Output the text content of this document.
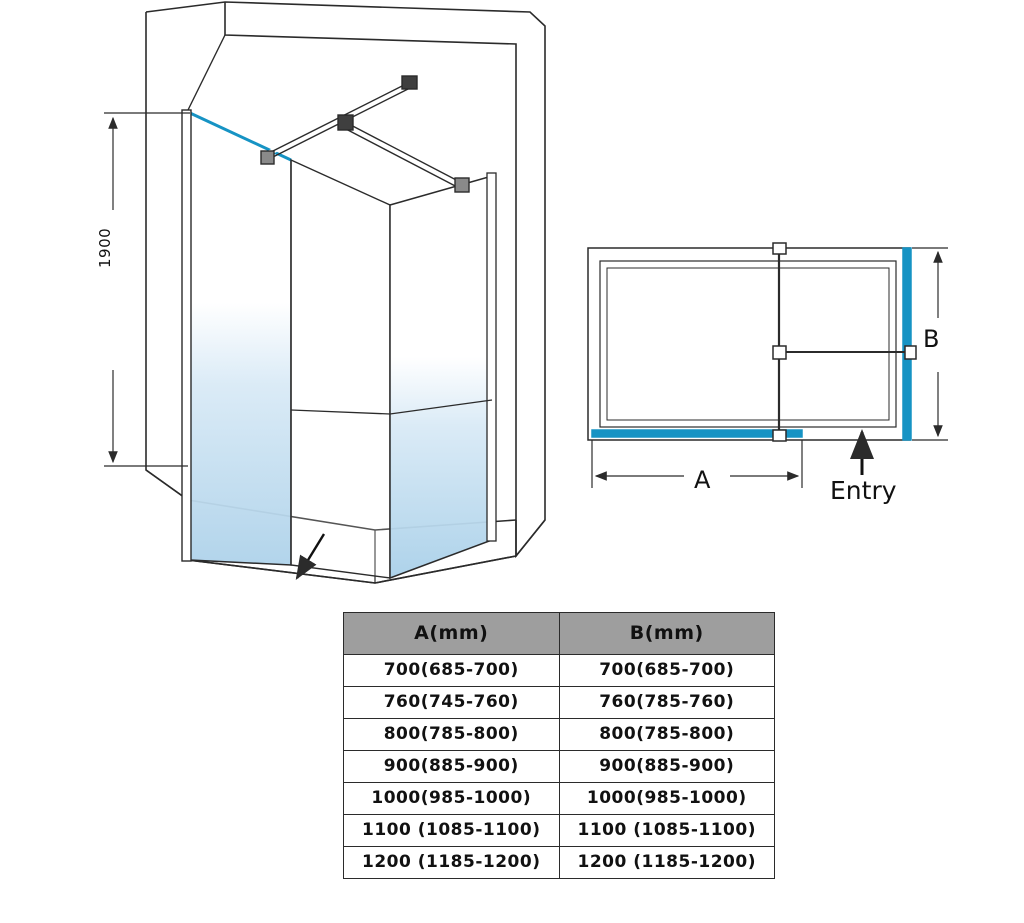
1900
B
A	Entry
A(mm)	B(mm)
700(685-700)	700(685-700)
760(745-760)	760(785-760)
800(785-800)	800(785-800)
900(885-900)	900(885-900)
1000(985-1000)	1000(985-1000)
1100 (1085-1100)	1100 (1085-1100)
1200 (1185-1200)	1200 (1185-1200)
